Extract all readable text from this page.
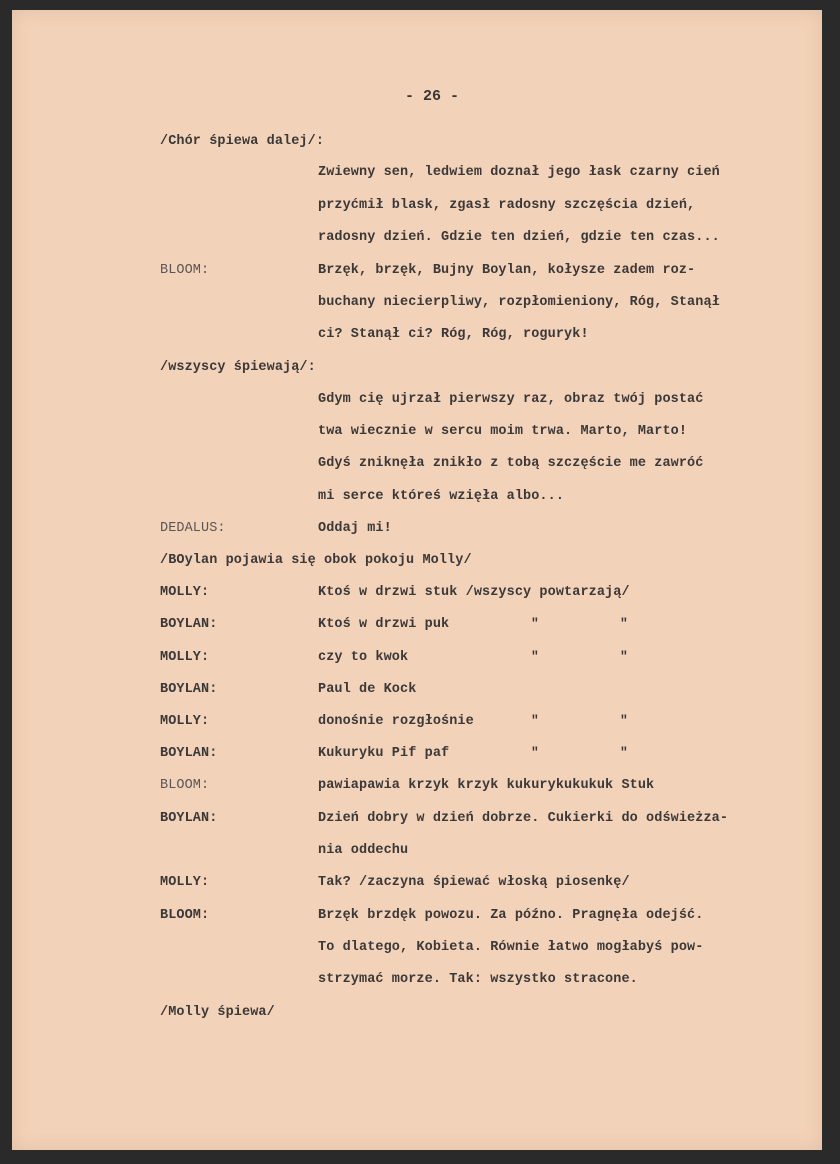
- 26 -
/Chór śpiewa dalej/:
Zwiewny sen, ledwiem doznał jego łask czarny cień
przyćmił blask, zgasł radosny szczęścia dzień,
radosny dzień. Gdzie ten dzień, gdzie ten czas...
BLOOM:	Brzęk, brzęk, Bujny Boylan, kołysze zadem roz-
buchany niecierpliwy, rozpłomieniony, Róg, Stanął
ci? Stanął ci? Róg, Róg, roguryk!
/wszyscy śpiewają/:
Gdym cię ujrzał pierwszy raz, obraz twój postać
twa wiecznie w sercu moim trwa. Marto, Marto!
Gdyś zniknęła znikło z tobą szczęście me zawróć
mi serce któreś wzięła albo...
DEDALUS:	Oddaj mi!
/BOylan pojawia się obok pokoju Molly/
MOLLY:	Ktoś w drzwi stuk /wszyscy powtarzają/
BOYLAN:	Ktoś w drzwi puk	"	"
MOLLY:	czy to kwok	"	"
BOYLAN:	Paul de Kock
MOLLY:	donośnie rozgłośnie	"	"
BOYLAN:	Kukuryku Pif paf	"	"
BLOOM:	pawiapawia krzyk krzyk kukurykukukuk Stuk
BOYLAN:	Dzień dobry w dzień dobrze. Cukierki do odświeżza-
nia oddechu
MOLLY:	Tak? /zaczyna śpiewać włoską piosenkę/
BLOOM:	Brzęk brzdęk powozu. Za późno. Pragnęła odejść.
To dlatego, Kobieta. Równie łatwo mogłabyś pow-
strzymać morze. Tak: wszystko stracone.
/Molly śpiewa/
